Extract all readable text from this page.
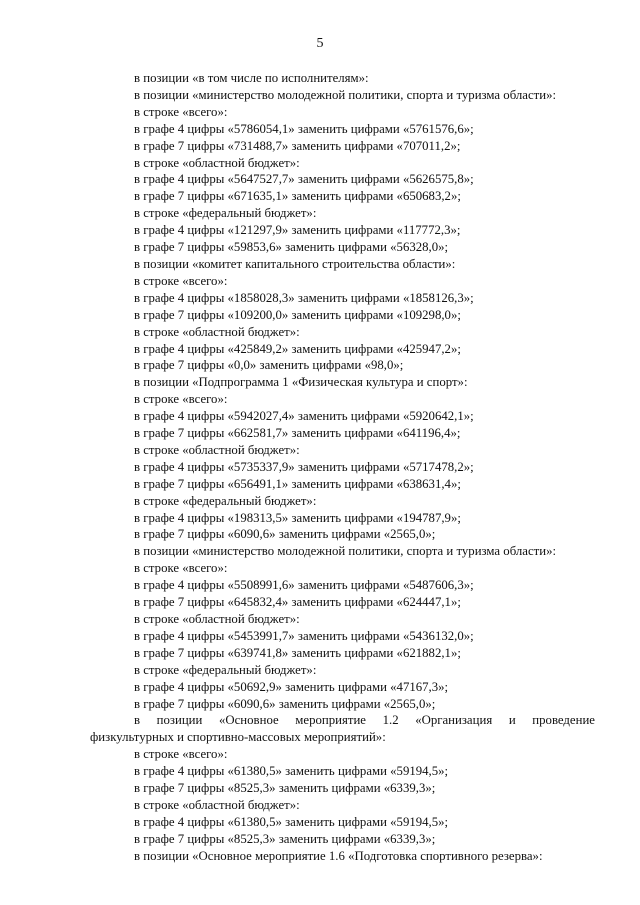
5
в позиции «в том числе по исполнителям»:
в позиции «министерство молодежной политики, спорта и туризма области»:
в строке «всего»:
в графе 4 цифры «5786054,1» заменить цифрами «5761576,6»;
в графе 7 цифры «731488,7» заменить цифрами «707011,2»;
в строке «областной бюджет»:
в графе 4 цифры «5647527,7» заменить цифрами «5626575,8»;
в графе 7 цифры «671635,1» заменить цифрами «650683,2»;
в строке «федеральный бюджет»:
в графе 4 цифры «121297,9» заменить цифрами «117772,3»;
в графе 7 цифры «59853,6» заменить цифрами «56328,0»;
в позиции «комитет капитального строительства области»:
в строке «всего»:
в графе 4 цифры «1858028,3» заменить цифрами «1858126,3»;
в графе 7 цифры «109200,0» заменить цифрами «109298,0»;
в строке «областной бюджет»:
в графе 4 цифры «425849,2» заменить цифрами «425947,2»;
в графе 7 цифры «0,0» заменить цифрами «98,0»;
в позиции «Подпрограмма 1 «Физическая культура и спорт»:
в строке «всего»:
в графе 4 цифры «5942027,4» заменить цифрами «5920642,1»;
в графе 7 цифры «662581,7» заменить цифрами «641196,4»;
в строке «областной бюджет»:
в графе 4 цифры «5735337,9» заменить цифрами «5717478,2»;
в графе 7 цифры «656491,1» заменить цифрами «638631,4»;
в строке «федеральный бюджет»:
в графе 4 цифры «198313,5» заменить цифрами «194787,9»;
в графе 7 цифры «6090,6» заменить цифрами «2565,0»;
в позиции «министерство молодежной политики, спорта и туризма области»:
в строке «всего»:
в графе 4 цифры «5508991,6» заменить цифрами «5487606,3»;
в графе 7 цифры «645832,4» заменить цифрами «624447,1»;
в строке «областной бюджет»:
в графе 4 цифры «5453991,7» заменить цифрами «5436132,0»;
в графе 7 цифры «639741,8» заменить цифрами «621882,1»;
в строке «федеральный бюджет»:
в графе 4 цифры «50692,9» заменить цифрами «47167,3»;
в графе 7 цифры «6090,6» заменить цифрами «2565,0»;
в позиции «Основное мероприятие 1.2 «Организация и проведение
физкультурных и спортивно-массовых мероприятий»:
в строке «всего»:
в графе 4 цифры «61380,5» заменить цифрами «59194,5»;
в графе 7 цифры «8525,3» заменить цифрами «6339,3»;
в строке «областной бюджет»:
в графе 4 цифры «61380,5» заменить цифрами «59194,5»;
в графе 7 цифры «8525,3» заменить цифрами «6339,3»;
в позиции «Основное мероприятие 1.6 «Подготовка спортивного резерва»:
